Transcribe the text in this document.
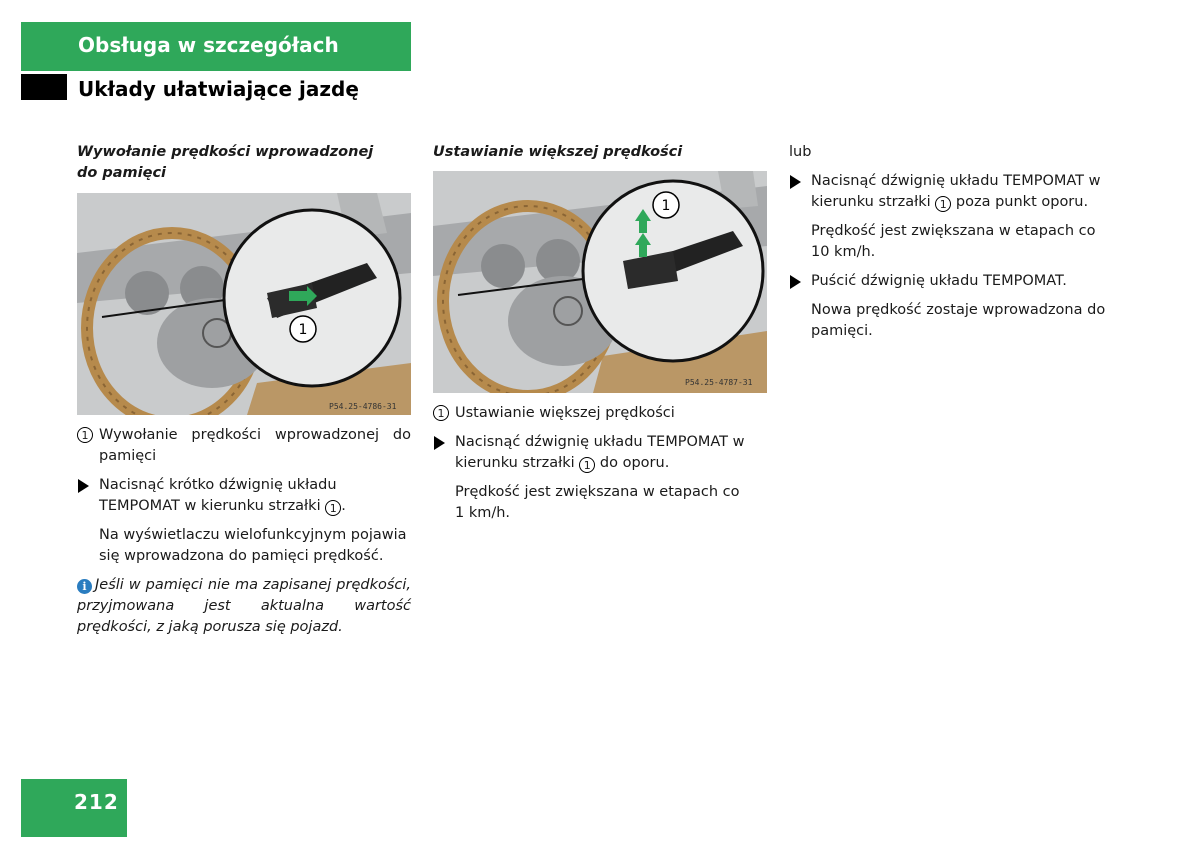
Obsługa w szczegółach
Układy ułatwiające jazdę

Wywołanie prędkości wprowadzonej
do pamięci

1
P54.25-4786-31
1 Wywołanie prędkości wprowadzonej do pamięci
Nacisnąć krótko dźwignię układu TEMPOMAT w kierunku strzałki 1 .
Na wyświetlaczu wielofunkcyjnym pojawia się wprowadzona do pamięci prędkość.
i Jeśli w pamięci nie ma zapisanej prędkości, przyjmowana jest aktualna wartość prędkości, z jaką porusza się pojazd.

Ustawianie większej prędkości

1
P54.25-4787-31
1 Ustawianie większej prędkości
Nacisnąć dźwignię układu TEMPOMAT w kierunku strzałki 1 do oporu.
Prędkość jest zwiększana w etapach co 1 km/h.

lub

Nacisnąć dźwignię układu TEMPOMAT w kierunku strzałki 1 poza punkt oporu.
Prędkość jest zwiększana w etapach co 10 km/h.
Puścić dźwignię układu TEMPOMAT.
Nowa prędkość zostaje wprowadzona do pamięci.
212
